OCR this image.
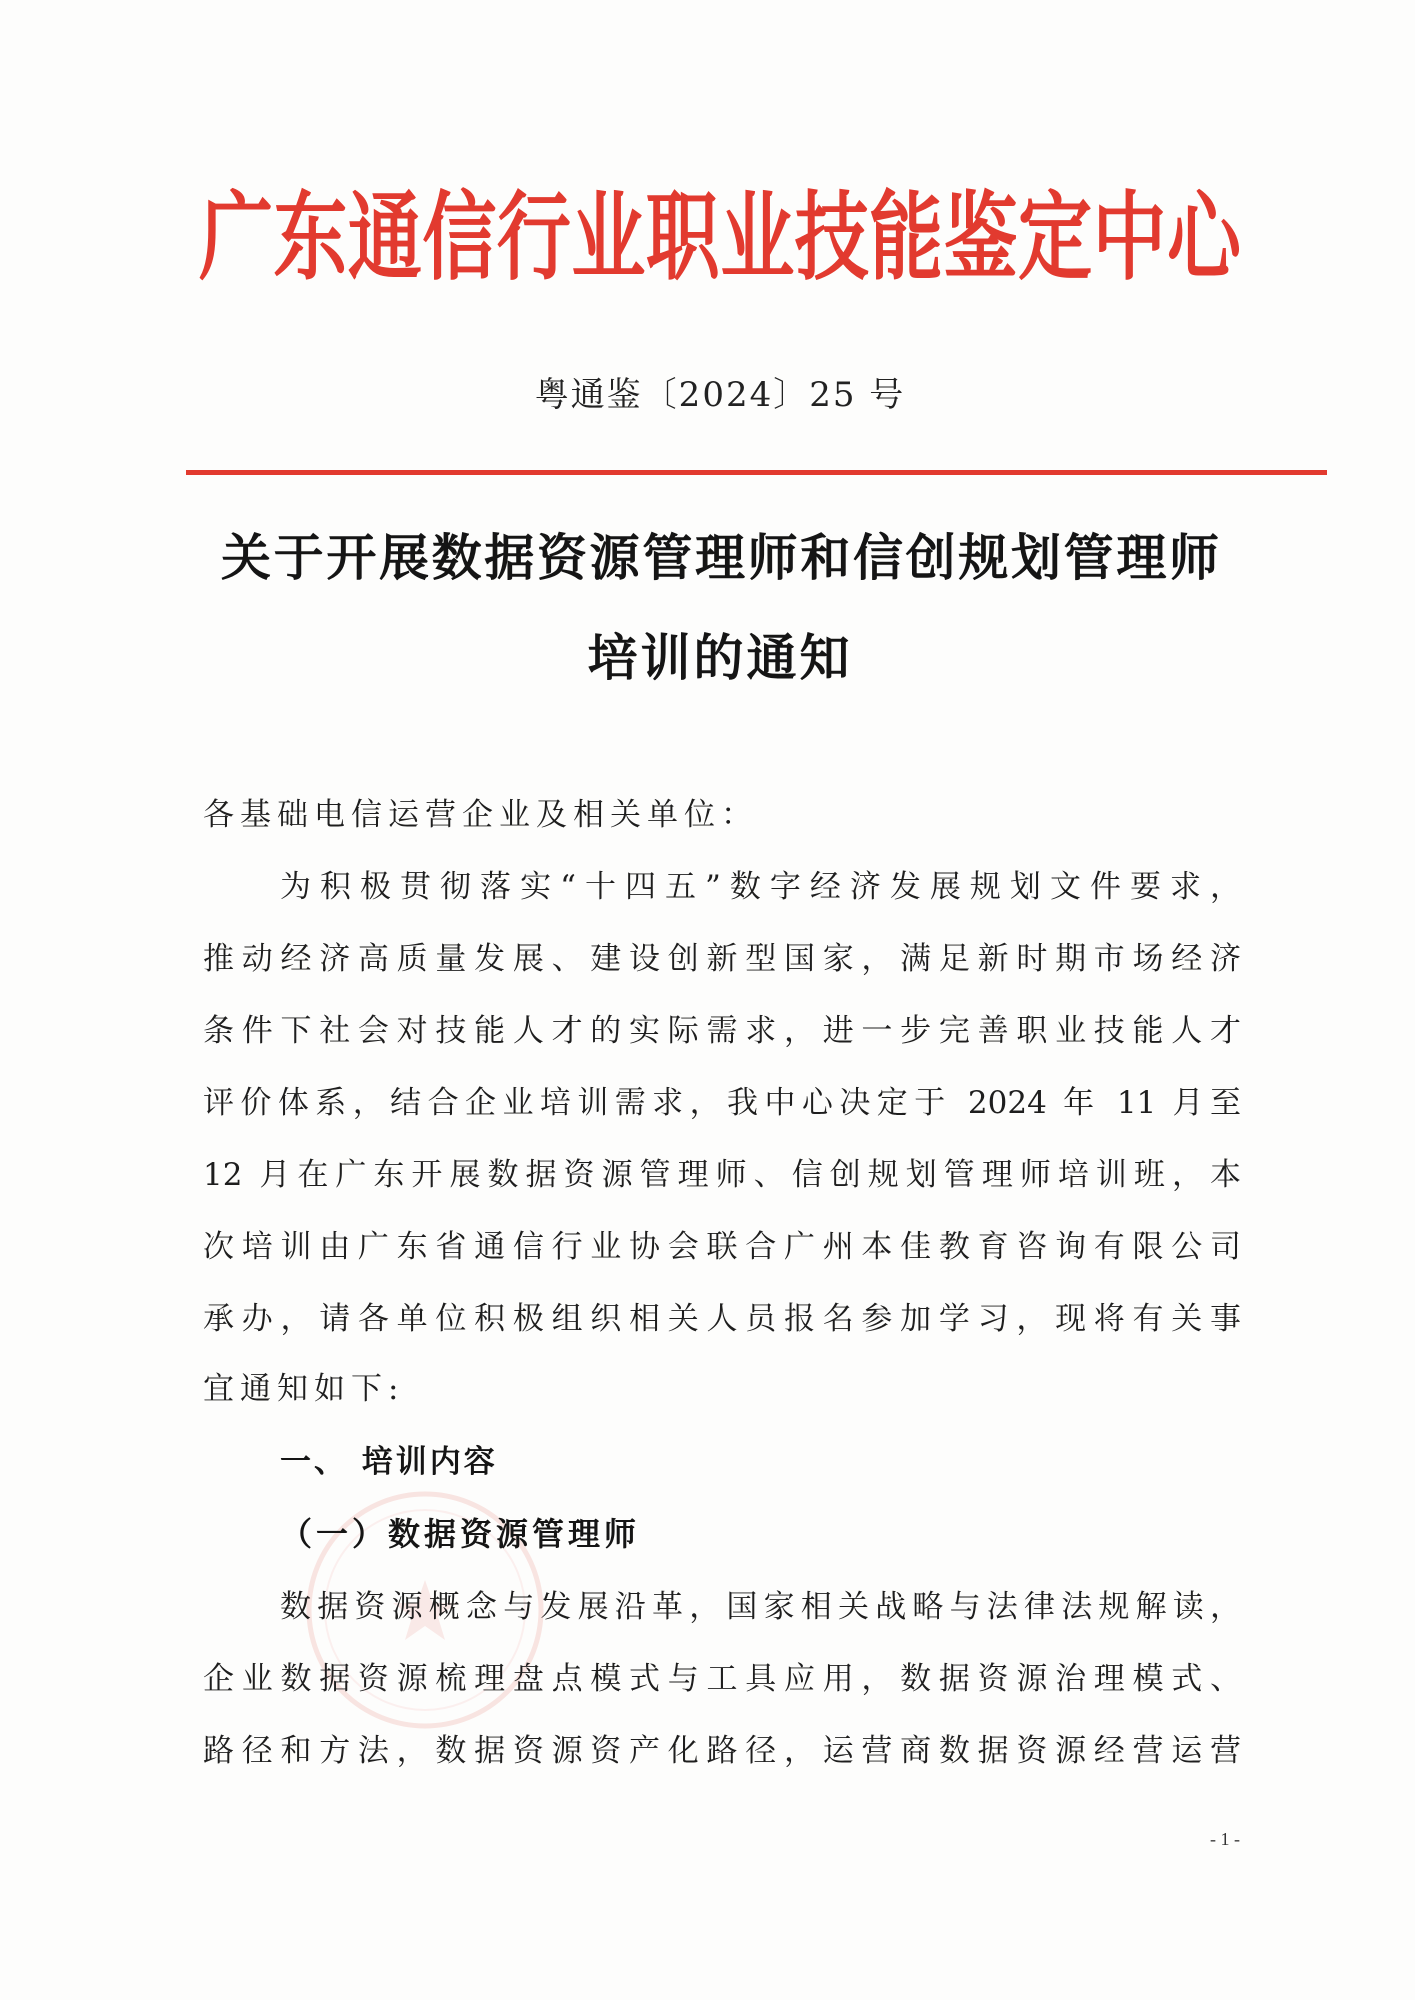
广东通信行业职业技能鉴定中心
粤通鉴〔2024〕25 号
关于开展数据资源管理师和信创规划管理师
培训的通知
各基础电信运营企业及相关单位：
为积极贯彻落实“十四五”数字经济发展规划文件要求，
推动经济高质量发展、建设创新型国家，满足新时期市场经济
条件下社会对技能人才的实际需求，进一步完善职业技能人才
评价体系，结合企业培训需求，我中心决定于 2024 年 11 月至
12 月在广东开展数据资源管理师、信创规划管理师培训班，本
次培训由广东省通信行业协会联合广州本佳教育咨询有限公司
承办，请各单位积极组织相关人员报名参加学习，现将有关事
宜通知如下:
一、 培训内容
（一）数据资源管理师
数据资源概念与发展沿革，国家相关战略与法律法规解读，
企业数据资源梳理盘点模式与工具应用，数据资源治理模式、
路径和方法，数据资源资产化路径，运营商数据资源经营运营
- 1 -
